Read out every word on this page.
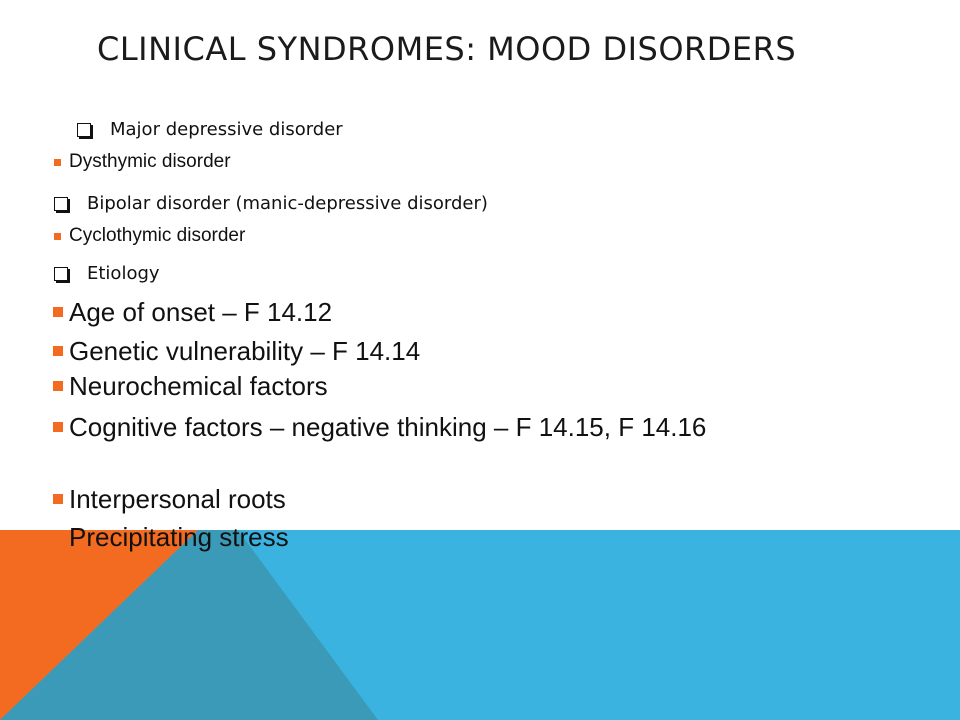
CLINICAL SYNDROMES: MOOD DISORDERS
Major depressive disorder
Dysthymic disorder
Bipolar disorder (manic-depressive disorder)
Cyclothymic disorder
Etiology
Age of onset – F 14.12
Genetic vulnerability – F 14.14
Neurochemical factors
Cognitive factors – negative thinking – F 14.15, F 14.16
Interpersonal roots
Precipitating stress
